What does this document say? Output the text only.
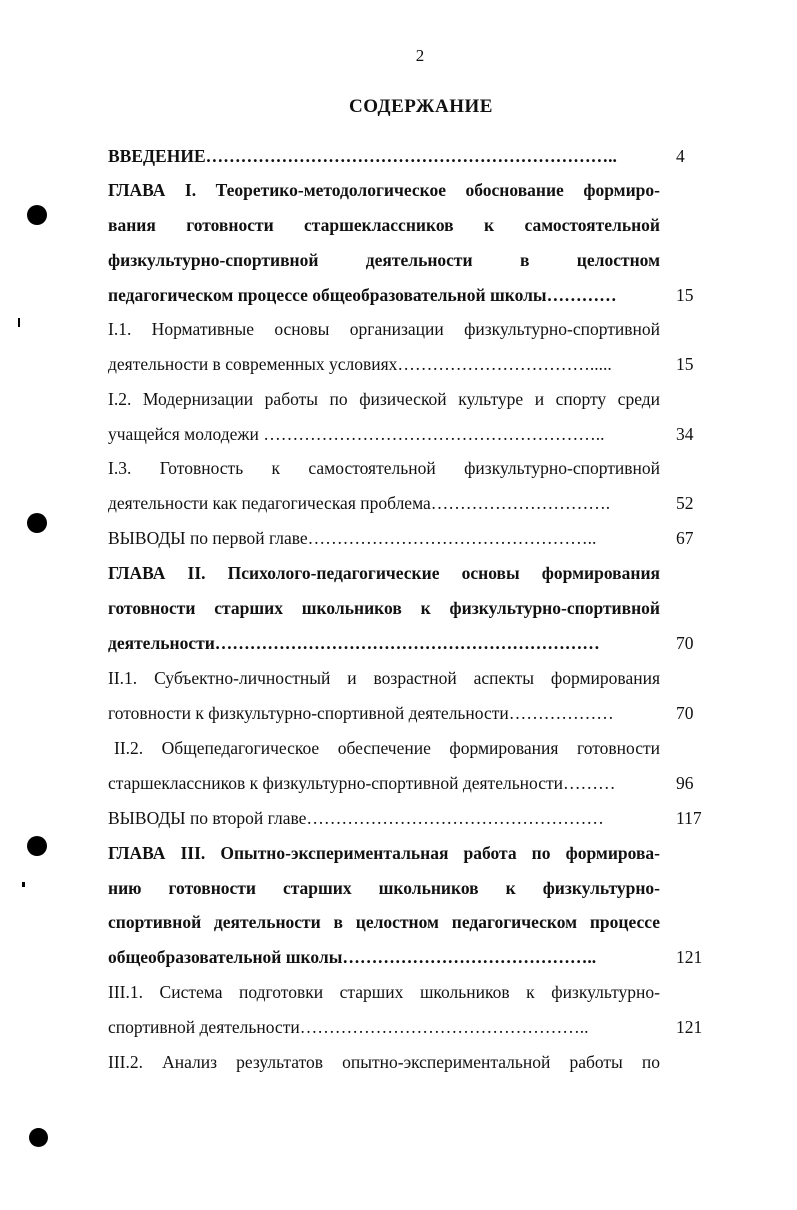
2
СОДЕРЖАНИЕ
ВВЕДЕНИЕ……………………………………………………………..	4
ГЛАВА I. Теоретико-методологическое обоснование формиро-
вания готовности старшеклассников к самостоятельной
физкультурно-спортивной деятельности в целостном
педагогическом процессе общеобразовательной школы…………	15
I.1. Нормативные основы организации физкультурно-спортивной
деятельности в современных условиях…………………………….....	15
I.2. Модернизации работы по физической культуре и спорту среди
учащейся молодежи …………………………………………………..	34
I.3. Готовность к самостоятельной физкультурно-спортивной
деятельности как педагогическая проблема………………………….	52
ВЫВОДЫ по первой главе…………………………………………..	67
ГЛАВА II. Психолого-педагогические основы формирования
готовности старших школьников к физкультурно-спортивной
деятельности…………………………………………………………	70
II.1. Субъектно-личностный и возрастной аспекты формирования
готовности к физкультурно-спортивной деятельности………………	70
II.2. Общепедагогическое обеспечение формирования готовности
старшеклассников к физкультурно-спортивной деятельности………	96
ВЫВОДЫ по второй главе……………………………………………	117
ГЛАВА III. Опытно-экспериментальная работа по формирова-
нию готовности старших школьников к физкультурно-
спортивной деятельности в целостном педагогическом процессе
общеобразовательной школы……………………………………..	121
III.1. Система подготовки старших школьников к физкультурно-
спортивной деятельности…………………………………………..	121
III.2. Анализ результатов опытно-экспериментальной работы по
